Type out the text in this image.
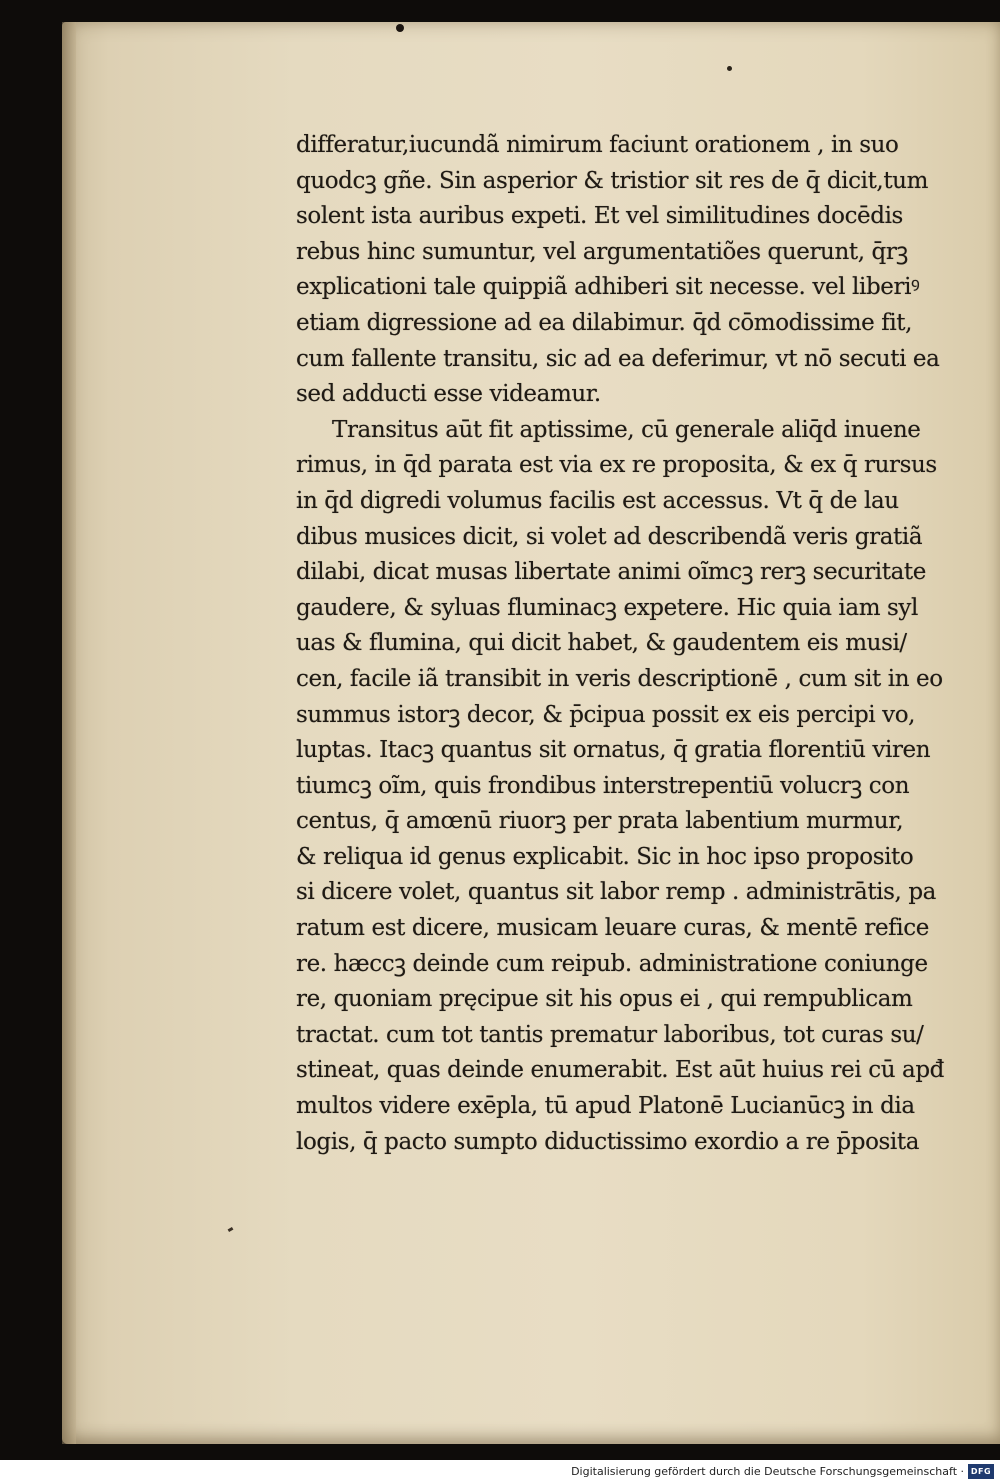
differatur,iucundã nimirum faciunt orationem , in suo
quodcꝫ gñe. Sin asperior & tristior sit res de q̄ dicit,tum
solent ista auribus expeti. Et vel similitudines docēdis
rebus hinc sumuntur, vel argumentatiões querunt, q̄rꝫ
explicationi tale quippiã adhiberi sit necesse. vel liberiꝰ
etiam digressione ad ea dilabimur. q̄d cōmodissime fit,
cum fallente transitu, sic ad ea deferimur, vt nō secuti ea
sed adducti esse videamur.
Transitus aūt fit aptissime, cū generale aliq̄d inuene
rimus, in q̄d parata est via ex re proposita, & ex q̄ rursus
in q̄d digredi volumus facilis est accessus. Vt q̄ de lau
dibus musices dicit, si volet ad describendã veris gratiã
dilabi, dicat musas libertate animi oĩmcꝫ rerꝫ securitate
gaudere, & syluas fluminacꝫ expetere. Hic quia iam syl
uas & flumina, qui dicit habet, & gaudentem eis musi/
cen, facile iã transibit in veris descriptionē , cum sit in eo
summus istorꝫ decor, & p̄cipua possit ex eis percipi vo,
luptas. Itacꝫ quantus sit ornatus, q̄ gratia florentiū viren
tiumcꝫ oĩm, quis frondibus interstrepentiū volucrꝫ con
centus, q̄ amœnū riuorꝫ per prata labentium murmur,
& reliqua id genus explicabit. Sic in hoc ipso proposito
si dicere volet, quantus sit labor remp . administrātis, pa
ratum est dicere, musicam leuare curas, & mentē refice
re. hæccꝫ deinde cum reipub. administratione coniunge
re, quoniam pręcipue sit his opus ei , qui rempublicam
tractat. cum tot tantis prematur laboribus, tot curas su/
stineat, quas deinde enumerabit. Est aūt huius rei cū apđ
multos videre exēpla, tū apud Platonē Lucianūcꝫ in dia
logis, q̄ pacto sumpto diductissimo exordio a re p̄posita
Digitalisierung gefördert durch die Deutsche Forschungsgemeinschaft · DFG
